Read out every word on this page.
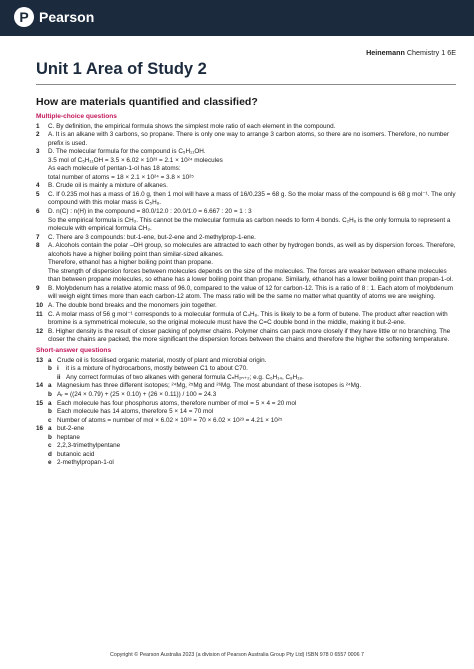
P Pearson
Heinemann Chemistry 1 6E
Unit 1 Area of Study 2
How are materials quantified and classified?
Multiple-choice questions
1	C. By definition, the empirical formula shows the simplest mole ratio of each element in the compound.
2	A. It is an alkane with 3 carbons, so propane. There is only one way to arrange 3 carbon atoms, so there are no isomers. Therefore, no number prefix is used.
3	D. The molecular formula for the compound is C₅H₁₁OH.
3.5 mol of C₅H₁₁OH = 3.5 × 6.02 × 10²³ = 2.1 × 10²⁴ molecules
As each molecule of pentan-1-ol has 18 atoms:
total number of atoms = 18 × 2.1 × 10²⁴ = 3.8 × 10²⁵
4	B. Crude oil is mainly a mixture of alkanes.
5	C. If 0.235 mol has a mass of 16.0 g, then 1 mol will have a mass of 16/0.235 = 68 g. So the molar mass of the compound is 68 g mol⁻¹. The only compound with this molar mass is C₅H₈.
6	D. n(C) : n(H) in the compound = 80.0/12.0 : 20.0/1.0 = 6.667 : 20 = 1 : 3
So the empirical formula is CH₃. This cannot be the molecular formula as carbon needs to form 4 bonds. C₂H₆ is the only formula to represent a molecule with empirical formula CH₃.
7	C. There are 3 compounds: but-1-ene, but-2-ene and 2-methylprop-1-ene.
8	A. Alcohols contain the polar –OH group, so molecules are attracted to each other by hydrogen bonds, as well as by dispersion forces. Therefore, alcohols have a higher boiling point than similar-sized alkanes.
Therefore, ethanol has a higher boiling point than propane.
The strength of dispersion forces between molecules depends on the size of the molecules. The forces are weaker between ethane molecules than between propane molecules, so ethane has a lower boiling point than propane. Similarly, ethanol has a lower boiling point than propan-1-ol.
9	B. Molybdenum has a relative atomic mass of 96.0, compared to the value of 12 for carbon-12. This is a ratio of 8 : 1. Each atom of molybdenum will weigh eight times more than each carbon-12 atom. The mass ratio will be the same no matter what quantity of atoms we are weighing.
10 A. The double bond breaks and the monomers join together.
11 C. A molar mass of 56 g mol⁻¹ corresponds to a molecular formula of C₄H₈. This is likely to be a form of butene. The product after reaction with bromine is a symmetrical molecule, so the original molecule must have the C=C double bond in the middle, making it but-2-ene.
12 B. Higher density is the result of closer packing of polymer chains. Polymer chains can pack more closely if they have little or no branching. The closer the chains are packed, the more significant the dispersion forces between the chains and therefore the higher the softening temperature.
Short-answer questions
13 a Crude oil is fossilised organic material, mostly of plant and microbial origin.
b i	it is a mixture of hydrocarbons, mostly between C1 to about C70.
ii Any correct formulas of two alkanes with general formula CₙH₂ₙ₊₂; e.g. C₆H₁₄, C₈H₁₈.
14 a Magnesium has three different isotopes; ²⁴Mg, ²⁵Mg and ²⁶Mg. The most abundant of these isotopes is ²⁴Mg.
b Aᵣ = ((24 × 0.79) + (25 × 0.10) + (26 × 0.11)) / 100 = 24.3
15 a Each molecule has four phosphorus atoms, therefore number of mol = 5 × 4 = 20 mol
b Each molecule has 14 atoms, therefore 5 × 14 = 70 mol
c Number of atoms = number of mol × 6.02 × 10²³ = 70 × 6.02 × 10²³ = 4.21 × 10²⁵
16 a but-2-ene
b heptane
c 2,2,3-trimethylpentane
d butanoic acid
e 2-methylpropan-1-ol
Copyright © Pearson Australia 2023 (a division of Pearson Australia Group Pty Ltd) ISBN 978 0 6557 0006 7
